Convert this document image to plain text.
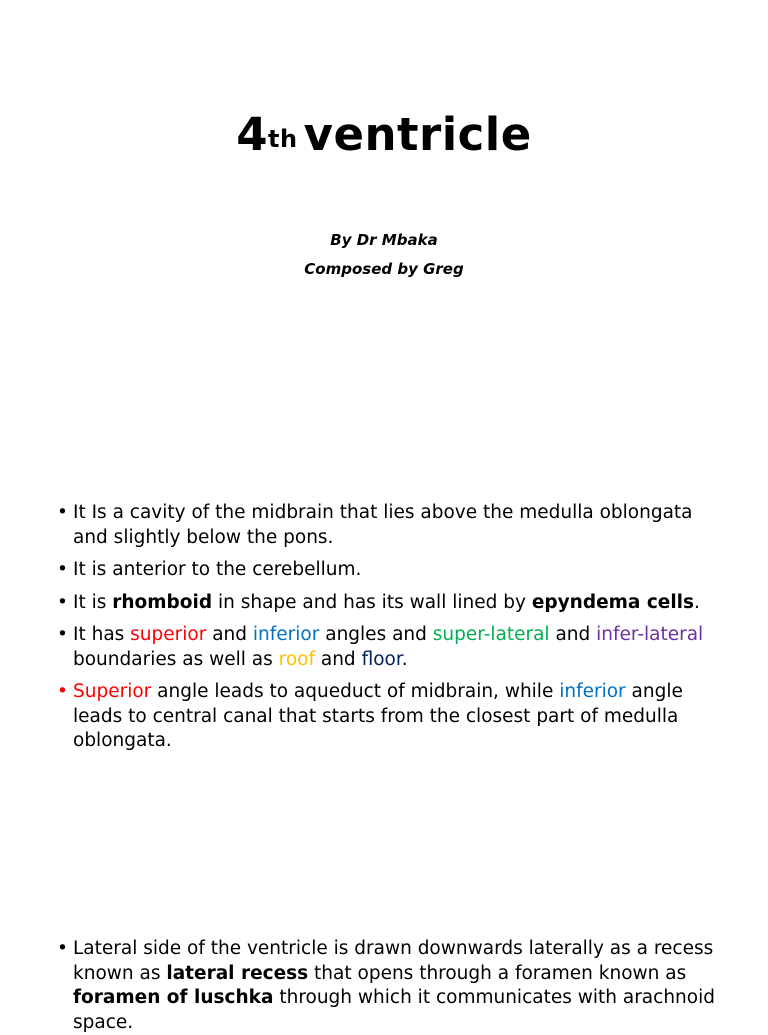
4th ventricle
By Dr Mbaka
Composed by Greg
• It Is a cavity of the midbrain that lies above the medulla oblongata and slightly below the pons.
• It is anterior to the cerebellum.
• It is rhomboid in shape and has its wall lined by epyndema cells.
• It has superior and inferior angles and super-lateral and infer-lateral boundaries as well as roof and floor.
• Superior angle leads to aqueduct of midbrain, while inferior angle leads to central canal that starts from the closest part of medulla oblongata.
• Lateral side of the ventricle is drawn downwards laterally as a recess known as lateral recess that opens through a foramen known as foramen of luschka through which it communicates with arachnoid space.
